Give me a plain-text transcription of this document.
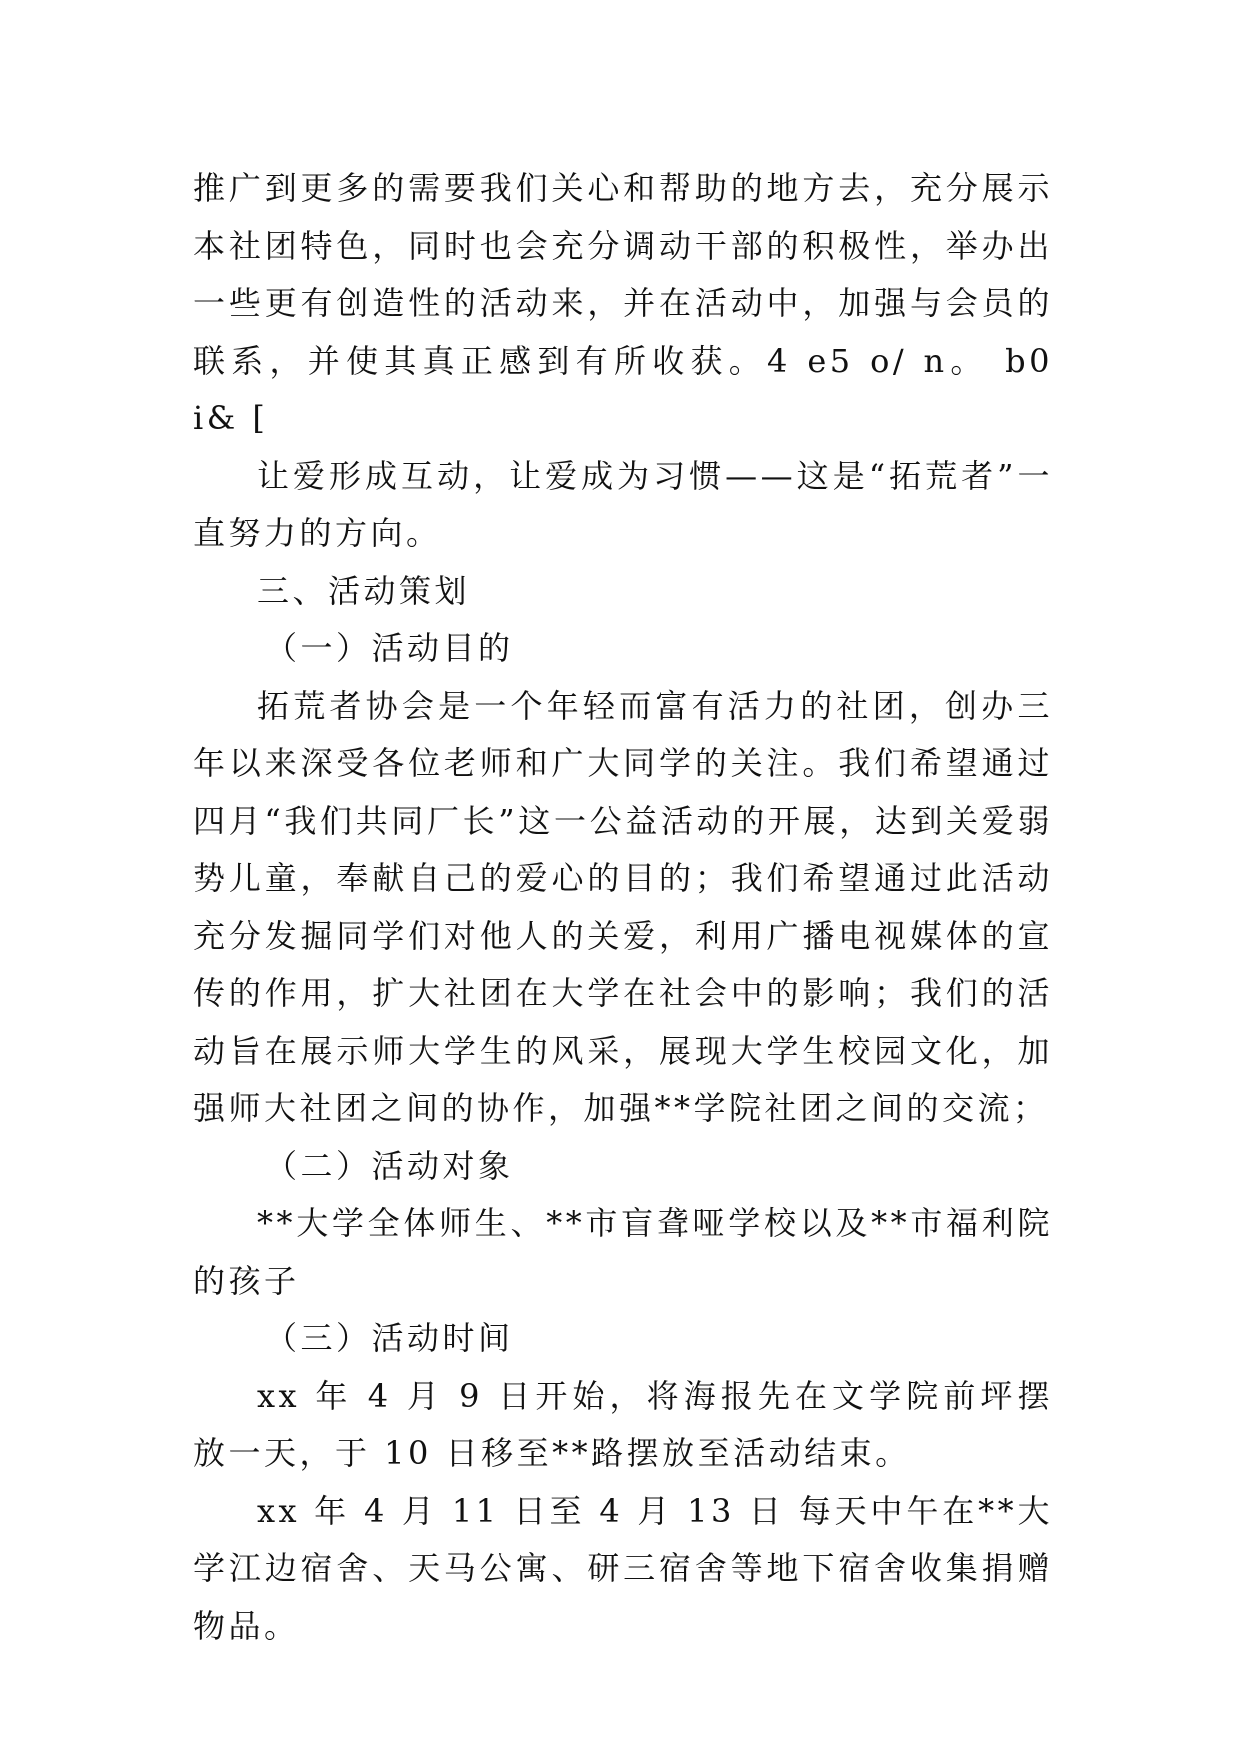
推广到更多的需要我们关心和帮助的地方去，充分展示本社团特色，同时也会充分调动干部的积极性，举办出一些更有创造性的活动来，并在活动中，加强与会员的联系，并使其真正感到有所收获。4 e5 o/ n。 b0 i& [

让爱形成互动，让爱成为习惯——这是“拓荒者”一直努力的方向。

三、活动策划

（一）活动目的

拓荒者协会是一个年轻而富有活力的社团，创办三年以来深受各位老师和广大同学的关注。我们希望通过四月“我们共同厂长”这一公益活动的开展，达到关爱弱势儿童，奉献自己的爱心的目的；我们希望通过此活动充分发掘同学们对他人的关爱，利用广播电视媒体的宣传的作用，扩大社团在大学在社会中的影响；我们的活动旨在展示师大学生的风采，展现大学生校园文化，加强师大社团之间的协作，加强**学院社团之间的交流；

（二）活动对象

**大学全体师生、**市盲聋哑学校以及**市福利院的孩子

（三）活动时间

xx 年 4 月 9 日开始，将海报先在文学院前坪摆放一天，于 10 日移至**路摆放至活动结束。

xx 年 4 月 11 日至 4 月 13 日 每天中午在**大学江边宿舍、天马公寓、研三宿舍等地下宿舍收集捐赠物品。
